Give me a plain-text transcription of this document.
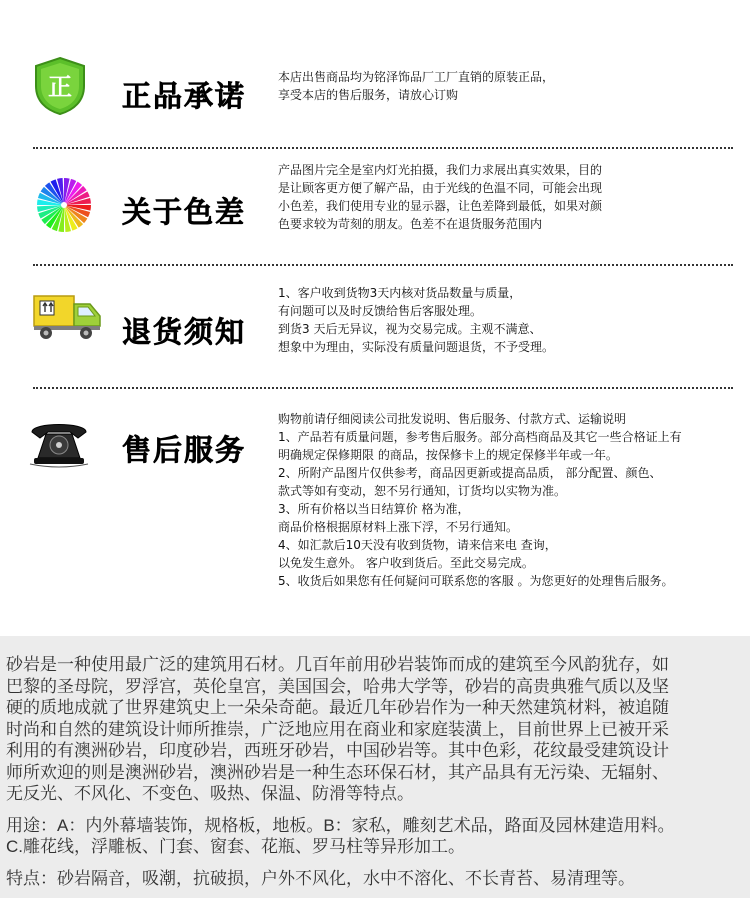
正 正品承诺

本店出售商品均为铭泽饰品厂工厂直销的原装正品，

享受本店的售后服务，请放心订购

关于色差

产品图片完全是室内灯光拍摄，我们力求展出真实效果，目的

是让顾客更方便了解产品，由于光线的色温不同，可能会出现

小色差，我们使用专业的显示器，让色差降到最低，如果对颜

色要求较为苛刻的朋友。色差不在退货服务范围内

退货须知

1、客户收到货物3天内核对货品数量与质量，

有问题可以及时反馈给售后客服处理。

到货3 天后无异议，视为交易完成。主观不满意、

想象中为理由，实际没有质量问题退货，不予受理。

售后服务

购物前请仔细阅读公司批发说明、售后服务、付款方式、运输说明

1、产品若有质量问题，参考售后服务。部分高档商品及其它一些合格证上有

明确规定保修期限 的商品，按保修卡上的规定保修半年或一年。

2、所附产品图片仅供参考，商品因更新或提高品质， 部分配置、颜色、

款式等如有变动，恕不另行通知，订货均以实物为准。

3、所有价格以当日结算价 格为准，

商品价格根据原材料上涨下浮，不另行通知。

4、如汇款后10天没有收到货物，请来信来电 查询，

以免发生意外。 客户收到货后。至此交易完成。

5、收货后如果您有任何疑问可联系您的客服 。为您更好的处理售后服务。

砂岩是一种使用最广泛的建筑用石材。几百年前用砂岩装饰而成的建筑至今风韵犹存，如

巴黎的圣母院，罗浮宫，英伦皇宫，美国国会，哈弗大学等，砂岩的高贵典雅气质以及坚

硬的质地成就了世界建筑史上一朵朵奇葩。最近几年砂岩作为一种天然建筑材料，被追随

时尚和自然的建筑设计师所推崇，广泛地应用在商业和家庭装潢上，目前世界上已被开采

利用的有澳洲砂岩，印度砂岩，西班牙砂岩，中国砂岩等。其中色彩，花纹最受建筑设计

师所欢迎的则是澳洲砂岩，澳洲砂岩是一种生态环保石材，其产品具有无污染、无辐射、

无反光、不风化、不变色、吸热、保温、防滑等特点。

用途：A：内外幕墙装饰，规格板，地板。B：家私，雕刻艺术品，路面及园林建造用料。

C.雕花线，浮雕板、门套、窗套、花瓶、罗马柱等异形加工。

特点：砂岩隔音，吸潮，抗破损，户外不风化，水中不溶化、不长青苔、易清理等。
